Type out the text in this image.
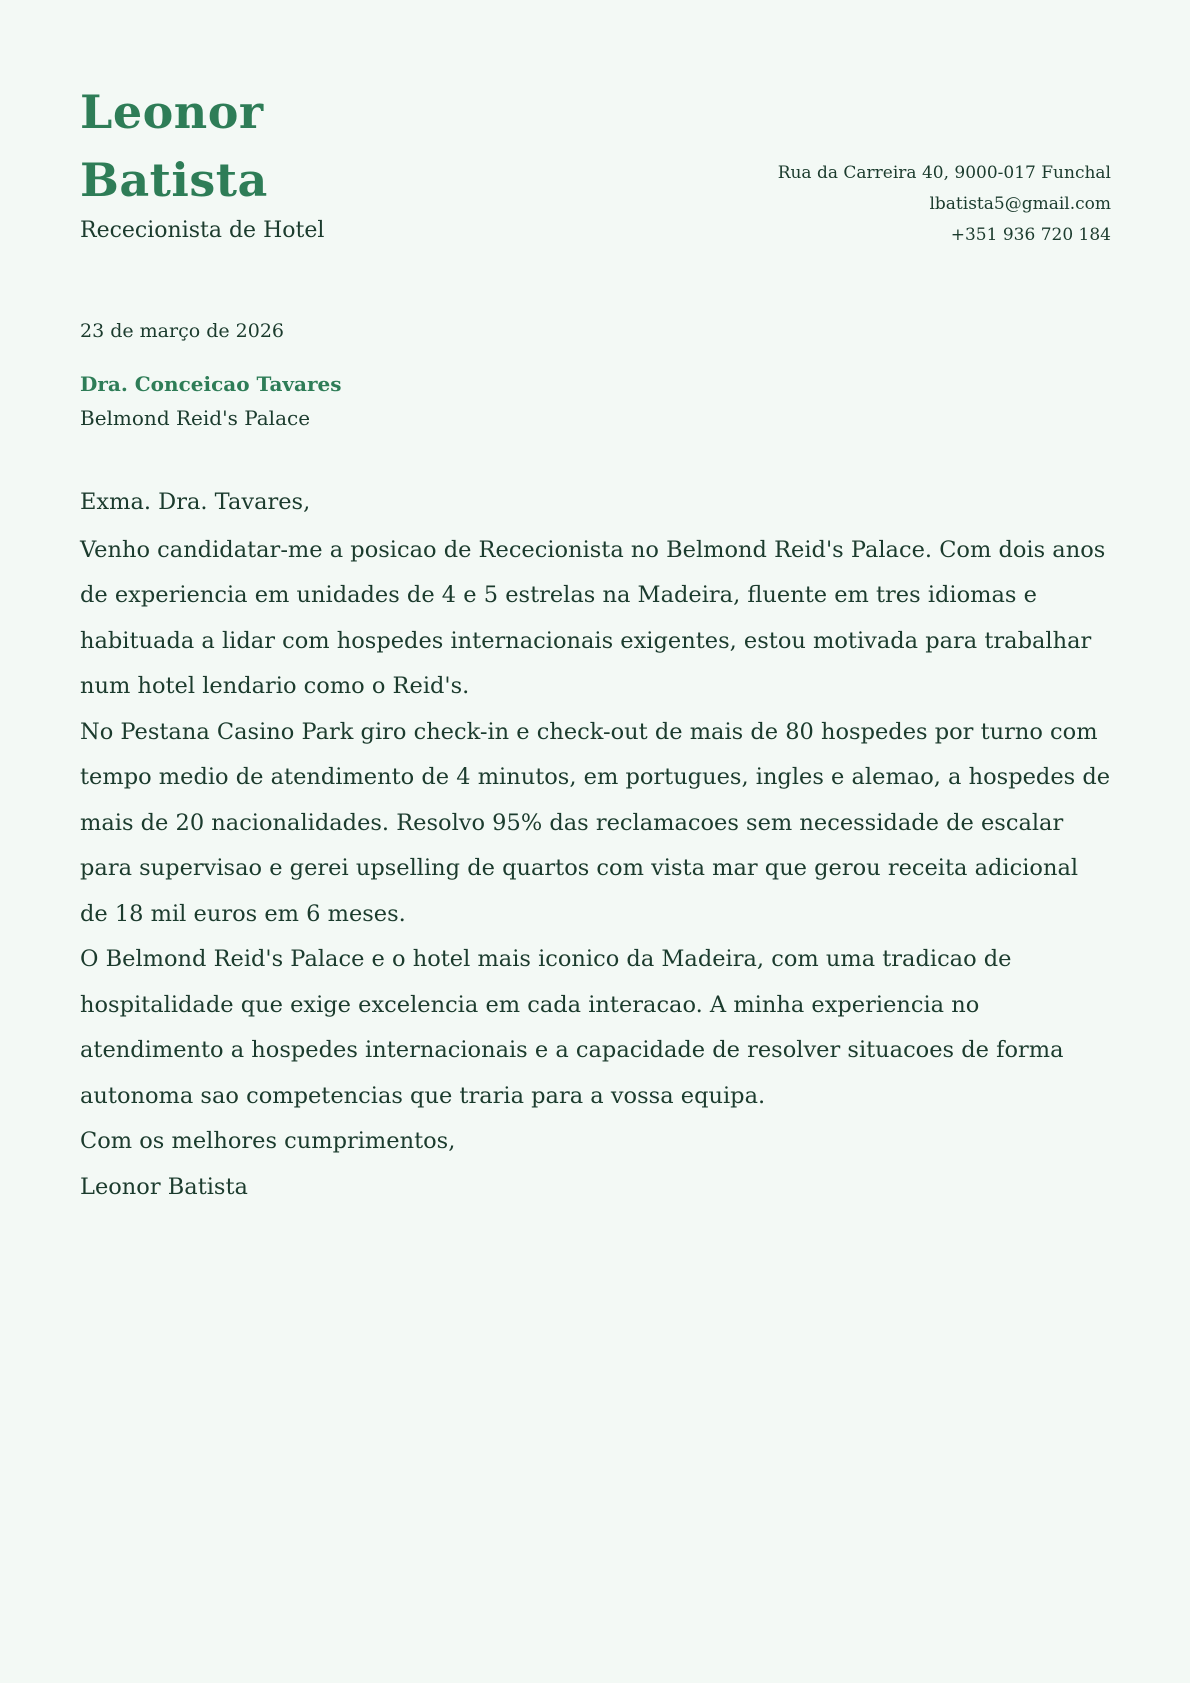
Leonor
Batista
Rececionista de Hotel
Rua da Carreira 40, 9000-017 Funchal
lbatista5@gmail.com
+351 936 720 184
23 de março de 2026
Dra. Conceicao Tavares
Belmond Reid's Palace

Exma. Dra. Tavares,

Venho candidatar-me a posicao de Rececionista no Belmond Reid's Palace. Com dois anos de experiencia em unidades de 4 e 5 estrelas na Madeira, fluente em tres idiomas e habituada a lidar com hospedes internacionais exigentes, estou motivada para trabalhar num hotel lendario como o Reid's.

No Pestana Casino Park giro check-in e check-out de mais de 80 hospedes por turno com tempo medio de atendimento de 4 minutos, em portugues, ingles e alemao, a hospedes de mais de 20 nacionalidades. Resolvo 95% das reclamacoes sem necessidade de escalar para supervisao e gerei upselling de quartos com vista mar que gerou receita adicional de 18 mil euros em 6 meses.

O Belmond Reid's Palace e o hotel mais iconico da Madeira, com uma tradicao de hospitalidade que exige excelencia em cada interacao. A minha experiencia no atendimento a hospedes internacionais e a capacidade de resolver situacoes de forma autonoma sao competencias que traria para a vossa equipa.

Com os melhores cumprimentos,

Leonor Batista
